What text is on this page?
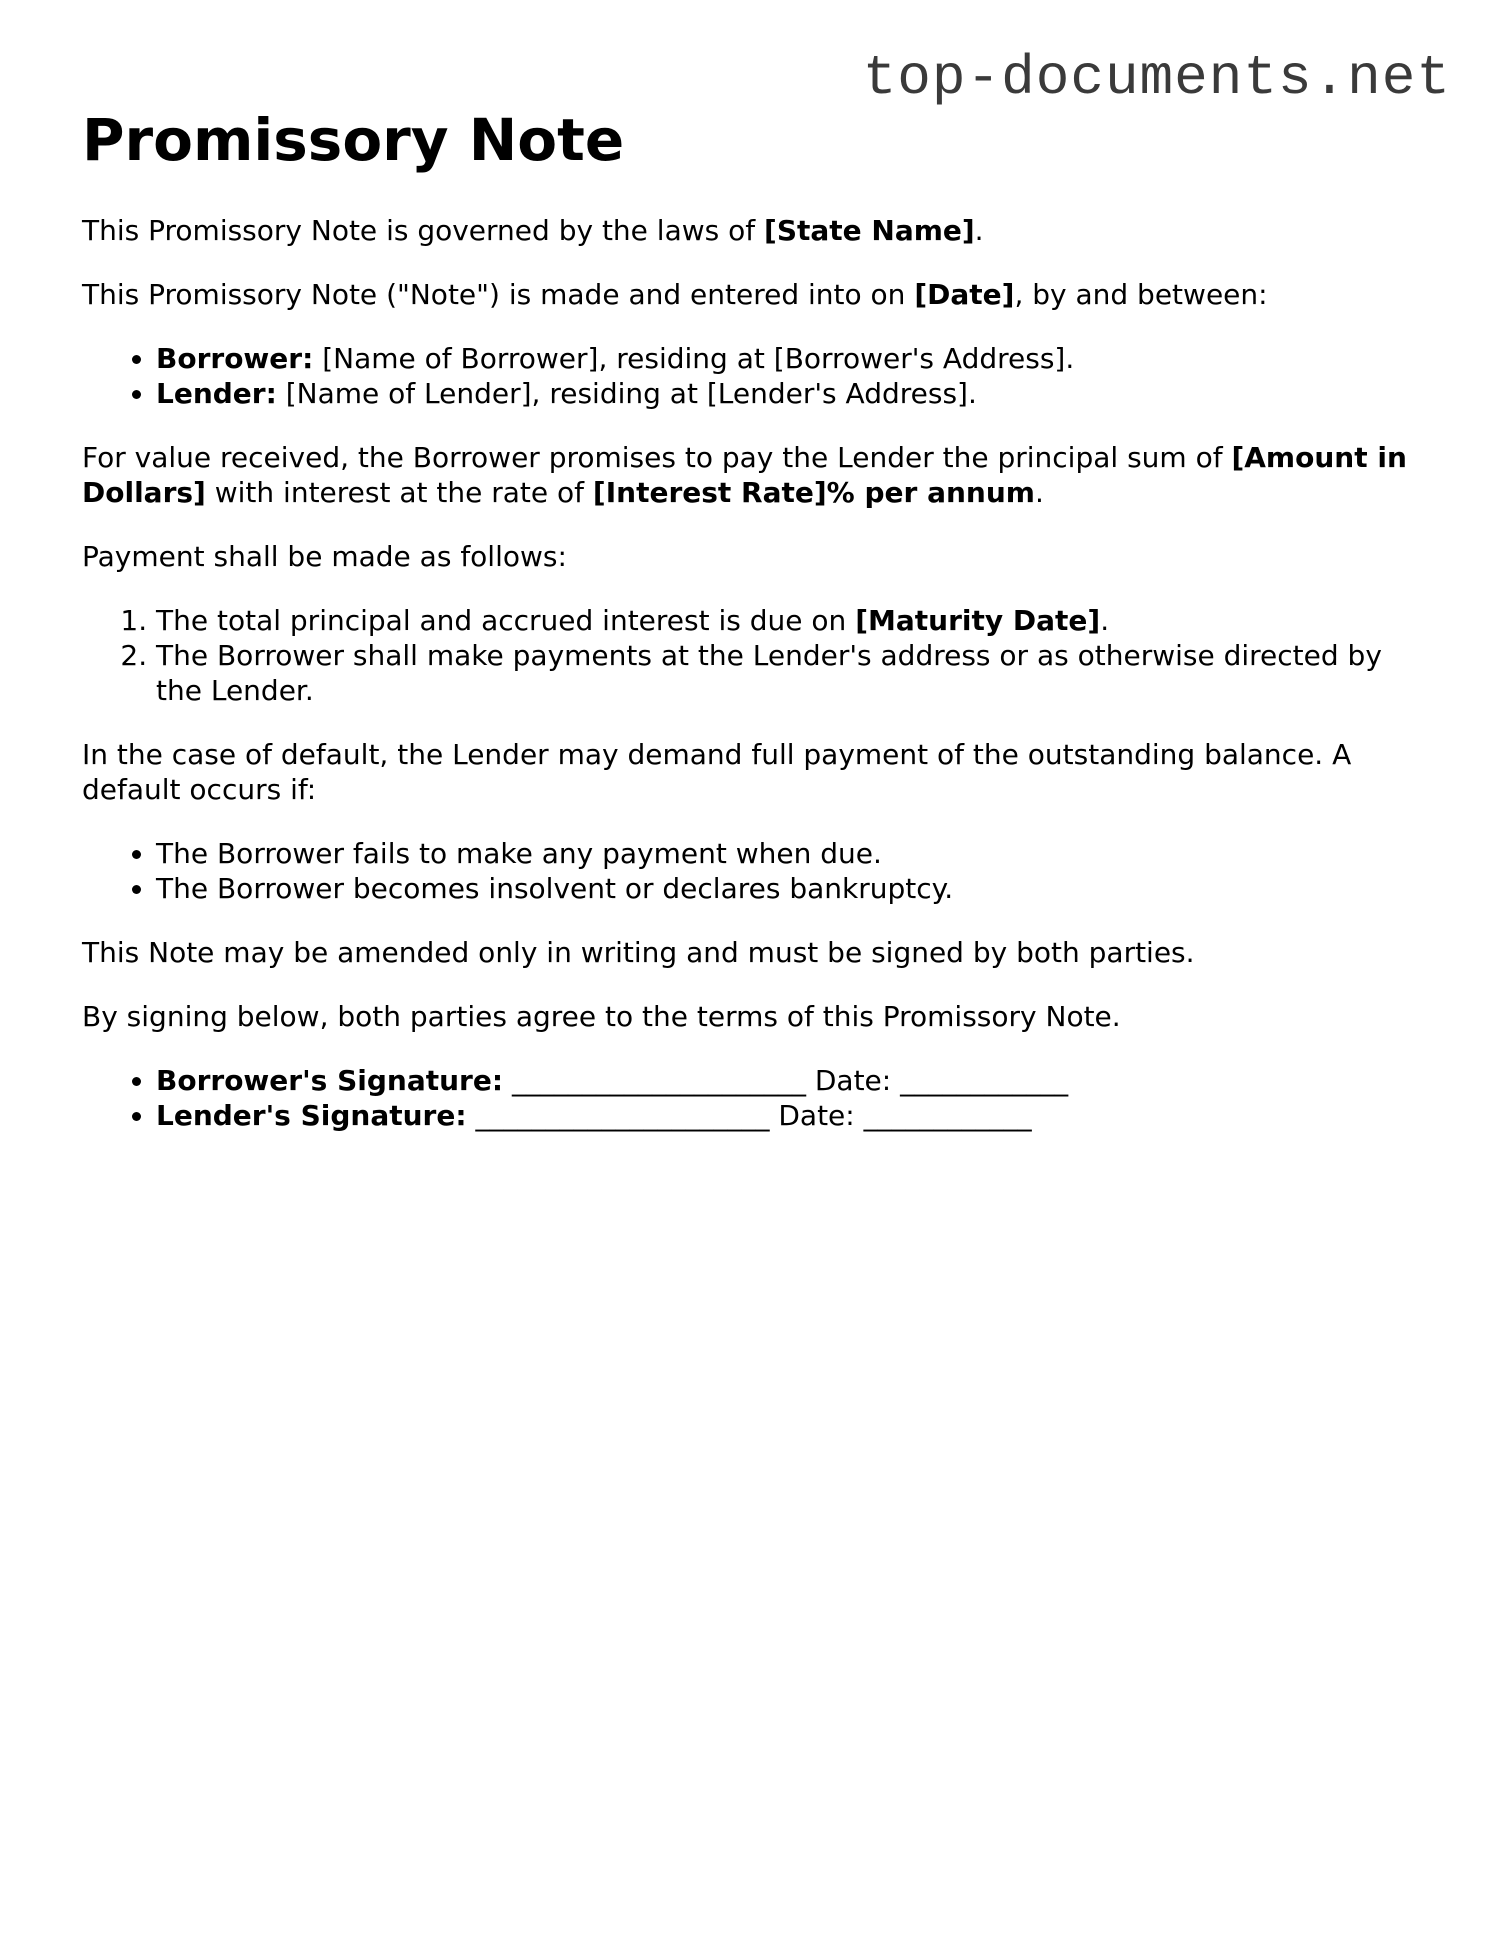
top-documents.net
Promissory Note

This Promissory Note is governed by the laws of [State Name].

This Promissory Note ("Note") is made and entered into on [Date], by and between:

• Borrower: [Name of Borrower], residing at [Borrower's Address].
• Lender: [Name of Lender], residing at [Lender's Address].

For value received, the Borrower promises to pay the Lender the principal sum of [Amount in Dollars] with interest at the rate of [Interest Rate]% per annum.

Payment shall be made as follows:

1. The total principal and accrued interest is due on [Maturity Date].
2. The Borrower shall make payments at the Lender's address or as otherwise directed by the Lender.

In the case of default, the Lender may demand full payment of the outstanding balance. A default occurs if:

• The Borrower fails to make any payment when due.
• The Borrower becomes insolvent or declares bankruptcy.

This Note may be amended only in writing and must be signed by both parties.

By signing below, both parties agree to the terms of this Promissory Note.

• Borrower's Signature: _____________________ Date: ____________
• Lender's Signature: _____________________ Date: ____________
